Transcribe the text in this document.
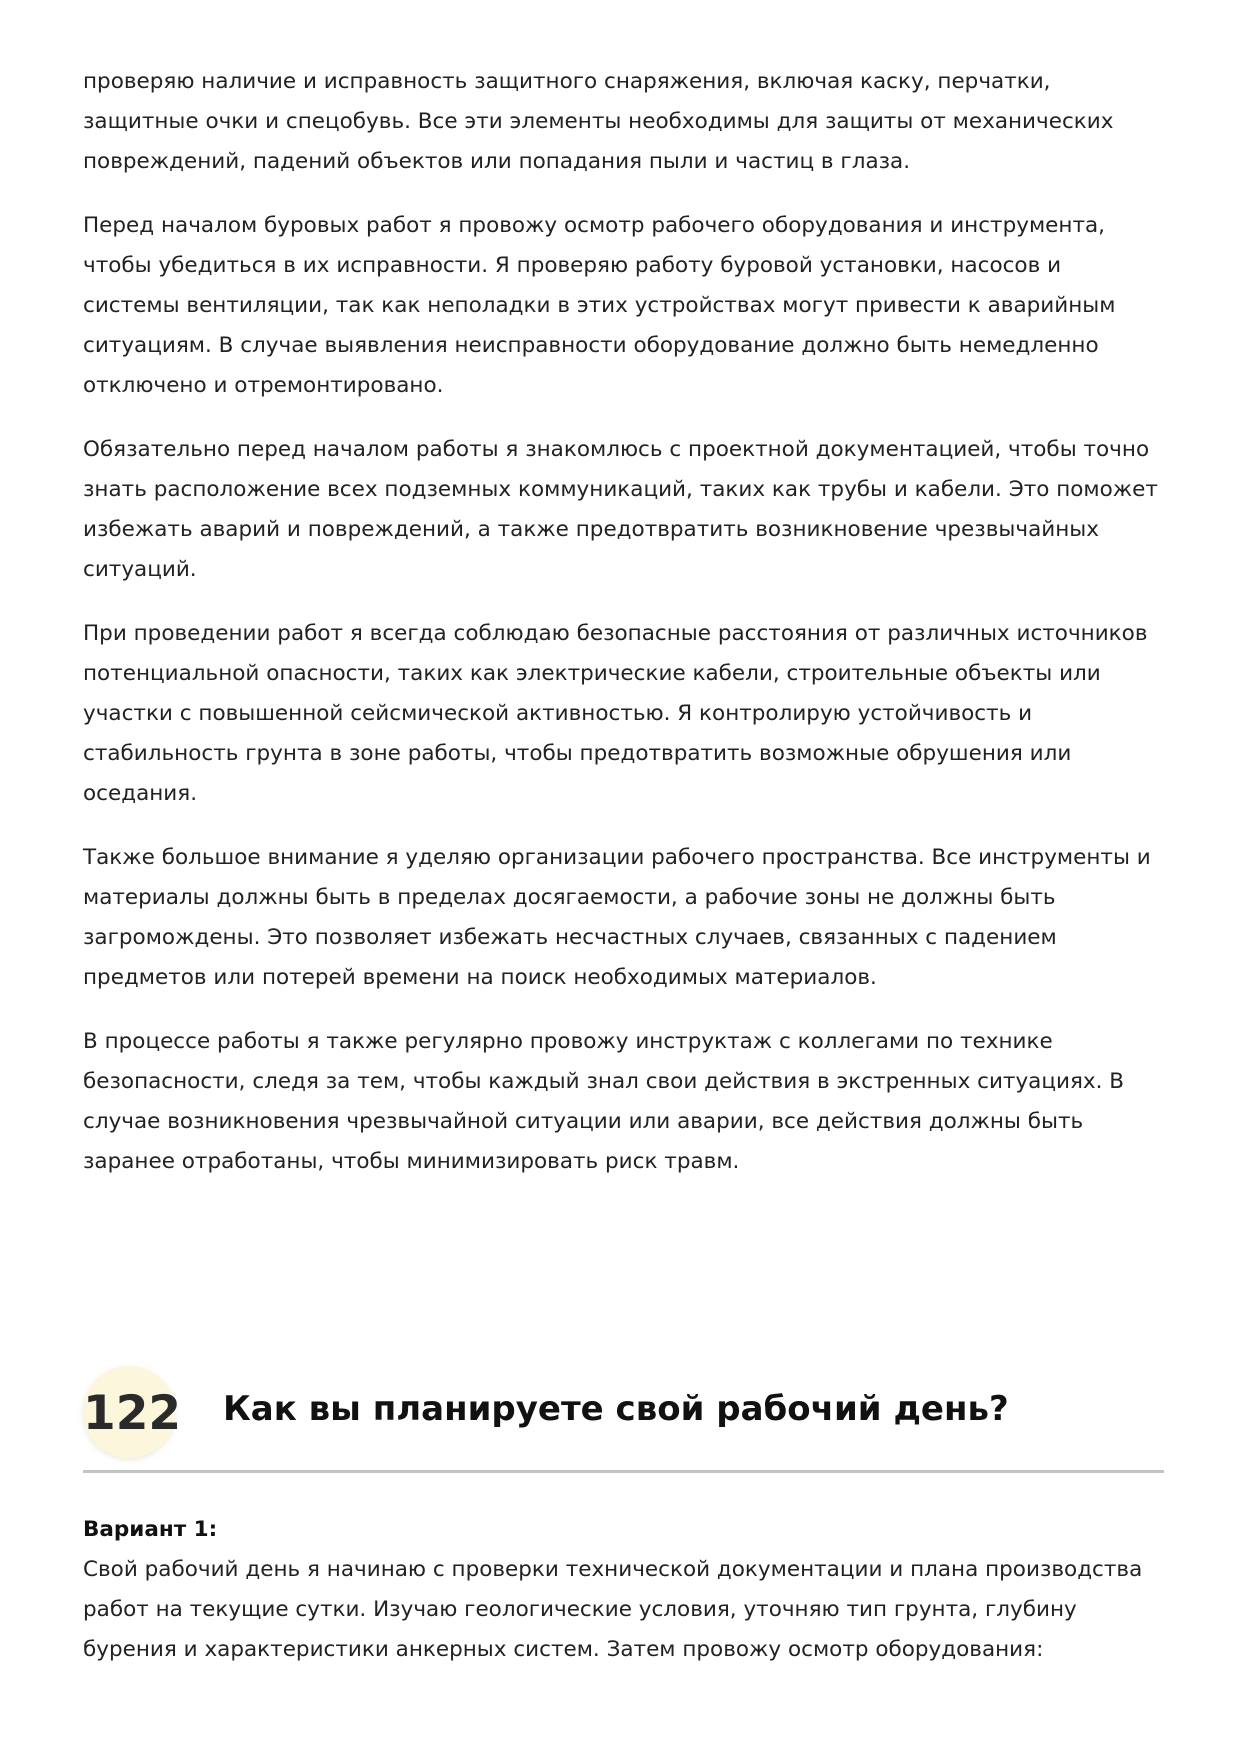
проверяю наличие и исправность защитного снаряжения, включая каску, перчатки, защитные очки и спецобувь. Все эти элементы необходимы для защиты от механических повреждений, падений объектов или попадания пыли и частиц в глаза.

Перед началом буровых работ я провожу осмотр рабочего оборудования и инструмента, чтобы убедиться в их исправности. Я проверяю работу буровой установки, насосов и системы вентиляции, так как неполадки в этих устройствах могут привести к аварийным ситуациям. В случае выявления неисправности оборудование должно быть немедленно отключено и отремонтировано.

Обязательно перед началом работы я знакомлюсь с проектной документацией, чтобы точно знать расположение всех подземных коммуникаций, таких как трубы и кабели. Это поможет избежать аварий и повреждений, а также предотвратить возникновение чрезвычайных ситуаций.

При проведении работ я всегда соблюдаю безопасные расстояния от различных источников потенциальной опасности, таких как электрические кабели, строительные объекты или участки с повышенной сейсмической активностью. Я контролирую устойчивость и стабильность грунта в зоне работы, чтобы предотвратить возможные обрушения или оседания.

Также большое внимание я уделяю организации рабочего пространства. Все инструменты и материалы должны быть в пределах досягаемости, а рабочие зоны не должны быть загромождены. Это позволяет избежать несчастных случаев, связанных с падением предметов или потерей времени на поиск необходимых материалов.

В процессе работы я также регулярно провожу инструктаж с коллегами по технике безопасности, следя за тем, чтобы каждый знал свои действия в экстренных ситуациях. В случае возникновения чрезвычайной ситуации или аварии, все действия должны быть заранее отработаны, чтобы минимизировать риск травм.

122 Как вы планируете свой рабочий день?

Вариант 1:

Свой рабочий день я начинаю с проверки технической документации и плана производства работ на текущие сутки. Изучаю геологические условия, уточняю тип грунта, глубину бурения и характеристики анкерных систем. Затем провожу осмотр оборудования:
